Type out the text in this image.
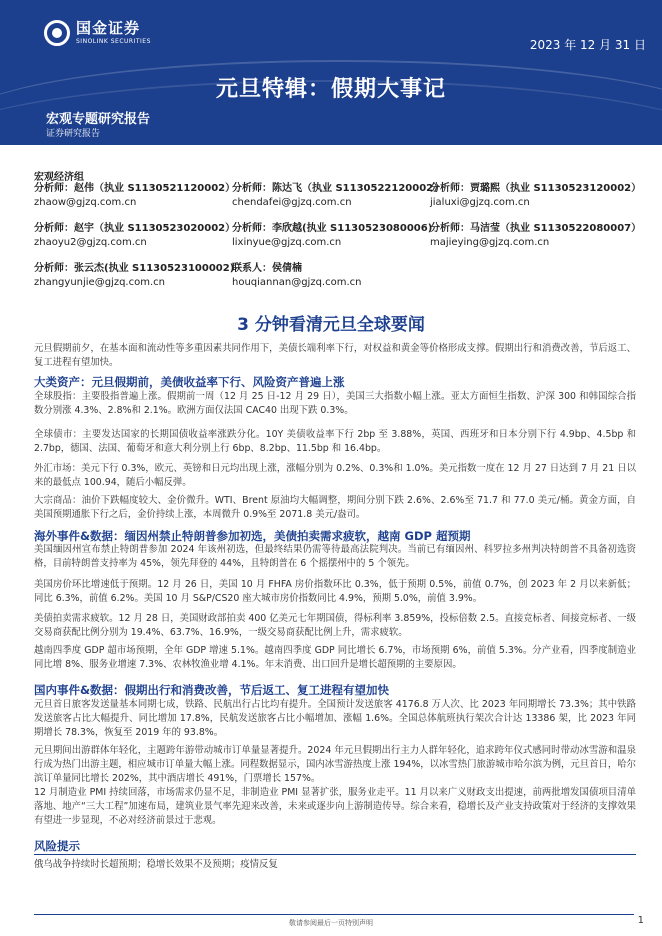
国金证券
SINOLINK SECURITIES	2023 年 12 月 31 日
元旦特辑：假期大事记
宏观专题研究报告
证券研究报告
宏观经济组
分析师：赵伟（执业 S1130521120002）
zhaow@gjzq.com.cn
分析师：陈达飞（执业 S1130522120002）
chendafei@gjzq.com.cn
分析师：贾璐熙（执业 S1130523120002）
jialuxi@gjzq.com.cn
分析师：赵宇（执业 S1130523020002）
zhaoyu2@gjzq.com.cn
分析师：李欣越(执业 S1130523080006)
lixinyue@gjzq.com.cn
分析师：马洁莹（执业 S1130522080007）
majieying@gjzq.com.cn
分析师：张云杰(执业 S1130523100002)
zhangyunjie@gjzq.com.cn
联系人：侯倩楠
houqiannan@gjzq.com.cn
3 分钟看清元旦全球要闻
元旦假期前夕，在基本面和流动性等多重因素共同作用下，美债长端利率下行，对权益和黄金等价格形成支撑。假期出行和消费改善，节后返工、复工进程有望加快。
大类资产：元旦假期前，美债收益率下行、风险资产普遍上涨
全球股指：主要股指普遍上涨。假期前一周（12 月 25 日-12 月 29 日），美国三大指数小幅上涨。亚太方面恒生指数、沪深 300 和韩国综合指数分别涨 4.3%、2.8%和 2.1%。欧洲方面仅法国 CAC40 出现下跌 0.3%。
全球债市：主要发达国家的长期国债收益率涨跌分化。10Y 美债收益率下行 2bp 至 3.88%，英国、西班牙和日本分别下行 4.9bp、4.5bp 和 2.7bp，德国、法国、葡萄牙和意大利分别上行 6bp、8.2bp、11.5bp 和 16.4bp。
外汇市场：美元下行 0.3%，欧元、英镑和日元均出现上涨，涨幅分别为 0.2%、0.3%和 1.0%。美元指数一度在 12 月 27 日达到 7 月 21 日以来的最低点 100.94，随后小幅反弹。
大宗商品：油价下跌幅度较大、金价微升。WTI、Brent 原油均大幅调整，期间分别下跌 2.6%、2.6%至 71.7 和 77.0 美元/桶。黄金方面，自美国预期通胀下行之后，金价持续上涨，本周微升 0.9%至 2071.8 美元/盎司。
海外事件&数据：缅因州禁止特朗普参加初选，美债拍卖需求疲软，越南 GDP 超预期
美国缅因州宣布禁止特朗普参加 2024 年该州初选，但最终结果仍需等待最高法院判决。当前已有缅因州、科罗拉多州判决特朗普不具备初选资格，目前特朗普支持率为 45%，领先拜登的 44%，且特朗普在 6 个摇摆州中的 5 个领先。
美国房价环比增速低于预期。12 月 26 日，美国 10 月 FHFA 房价指数环比 0.3%，低于预期 0.5%，前值 0.7%，创 2023 年 2 月以来新低；同比 6.3%，前值 6.2%。美国 10 月 S&P/CS20 座大城市房价指数同比 4.9%，预期 5.0%，前值 3.9%。
美债拍卖需求疲软。12 月 28 日，美国财政部拍卖 400 亿美元七年期国债，得标利率 3.859%，投标倍数 2.5。直接竞标者、间接竞标者、一级交易商获配比例分别为 19.4%、63.7%、16.9%，一级交易商获配比例上升，需求疲软。
越南四季度 GDP 超市场预期，全年 GDP 增速 5.1%。越南四季度 GDP 同比增长 6.7%，市场预期 6%，前值 5.3%。分产业看，四季度制造业同比增 8%、服务业增速 7.3%、农林牧渔业增 4.1%。年末消费、出口回升是增长超预期的主要原因。
国内事件&数据：假期出行和消费改善，节后返工、复工进程有望加快
元旦首日旅客发送量基本同期七成，铁路、民航出行占比均有提升。全国预计发送旅客 4176.8 万人次、比 2023 年同期增长 73.3%；其中铁路发送旅客占比大幅提升、同比增加 17.8%，民航发送旅客占比小幅增加、涨幅 1.6%。全国总体航班执行架次合计达 13386 架，比 2023 年同期增长 78.3%，恢复至 2019 年的 93.8%。
元旦期间出游群体年轻化，主题跨年游带动城市订单量显著提升。2024 年元旦假期出行主力人群年轻化，追求跨年仪式感同时带动冰雪游和温泉行成为热门出游主题，相应城市订单量大幅上涨。同程数据显示，国内冰雪游热度上涨 194%，以冰雪热门旅游城市哈尔滨为例，元旦首日，哈尔滨订单量同比增长 202%，其中酒店增长 491%，门票增长 157%。
12 月制造业 PMI 持续回落，市场需求仍显不足，非制造业 PMI 显著扩张，服务业走平。11 月以来广义财政支出提速，前两批增发国债项目清单落地、地产“三大工程”加速布局，建筑业景气率先迎来改善，未来或逐步向上游制造传导。综合来看，稳增长及产业支持政策对于经济的支撑效果有望进一步显现，不必对经济前景过于悲观。
风险提示
俄乌战争持续时长超预期；稳增长效果不及预期；疫情反复
敬请参阅最后一页特别声明	1
